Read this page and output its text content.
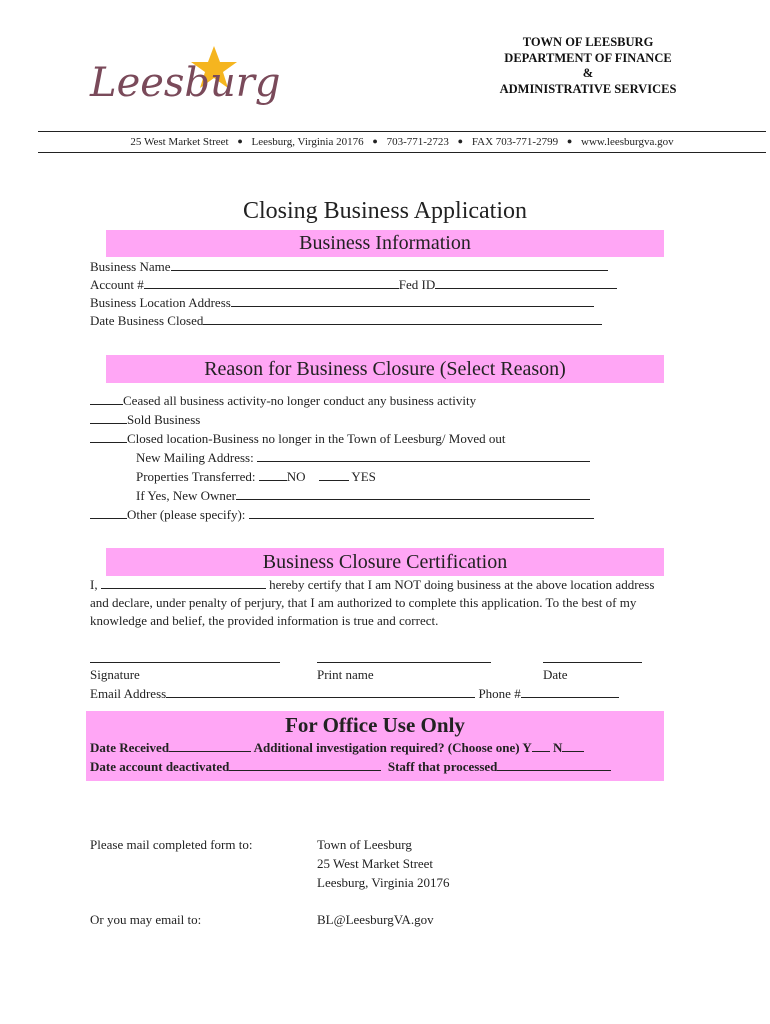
Leesburg
TOWN OF LEESBURG
DEPARTMENT OF FINANCE
&
ADMINISTRATIVE SERVICES
25 West Market Street ● Leesburg, Virginia 20176 ● 703-771-2723 ● FAX 703-771-2799 ● www.leesburgva.gov
Closing Business Application
Business Information
Business Name
Account #	Fed ID
Business Location Address
Date Business Closed
Reason for Business Closure (Select Reason)
Ceased all business activity-no longer conduct any business activity
Sold Business
Closed location-Business no longer in the Town of Leesburg/ Moved out
New Mailing Address:
Properties Transferred: NO	YES
If Yes, New Owner
Other (please specify):
Business Closure Certification
I,	hereby certify that I am NOT doing business at the above location address and declare, under penalty of perjury, that I am authorized to complete this application. To the best of my knowledge and belief, the provided information is true and correct.
Signature	Print name	Date
Email Address	Phone #
For Office Use Only
Date Received	Additional investigation required? (Choose one) Y N
Date account deactivated	Staff that processed
Please mail completed form to:	Town of Leesburg
25 West Market Street
Leesburg, Virginia 20176
Or you may email to:	BL@LeesburgVA.gov
